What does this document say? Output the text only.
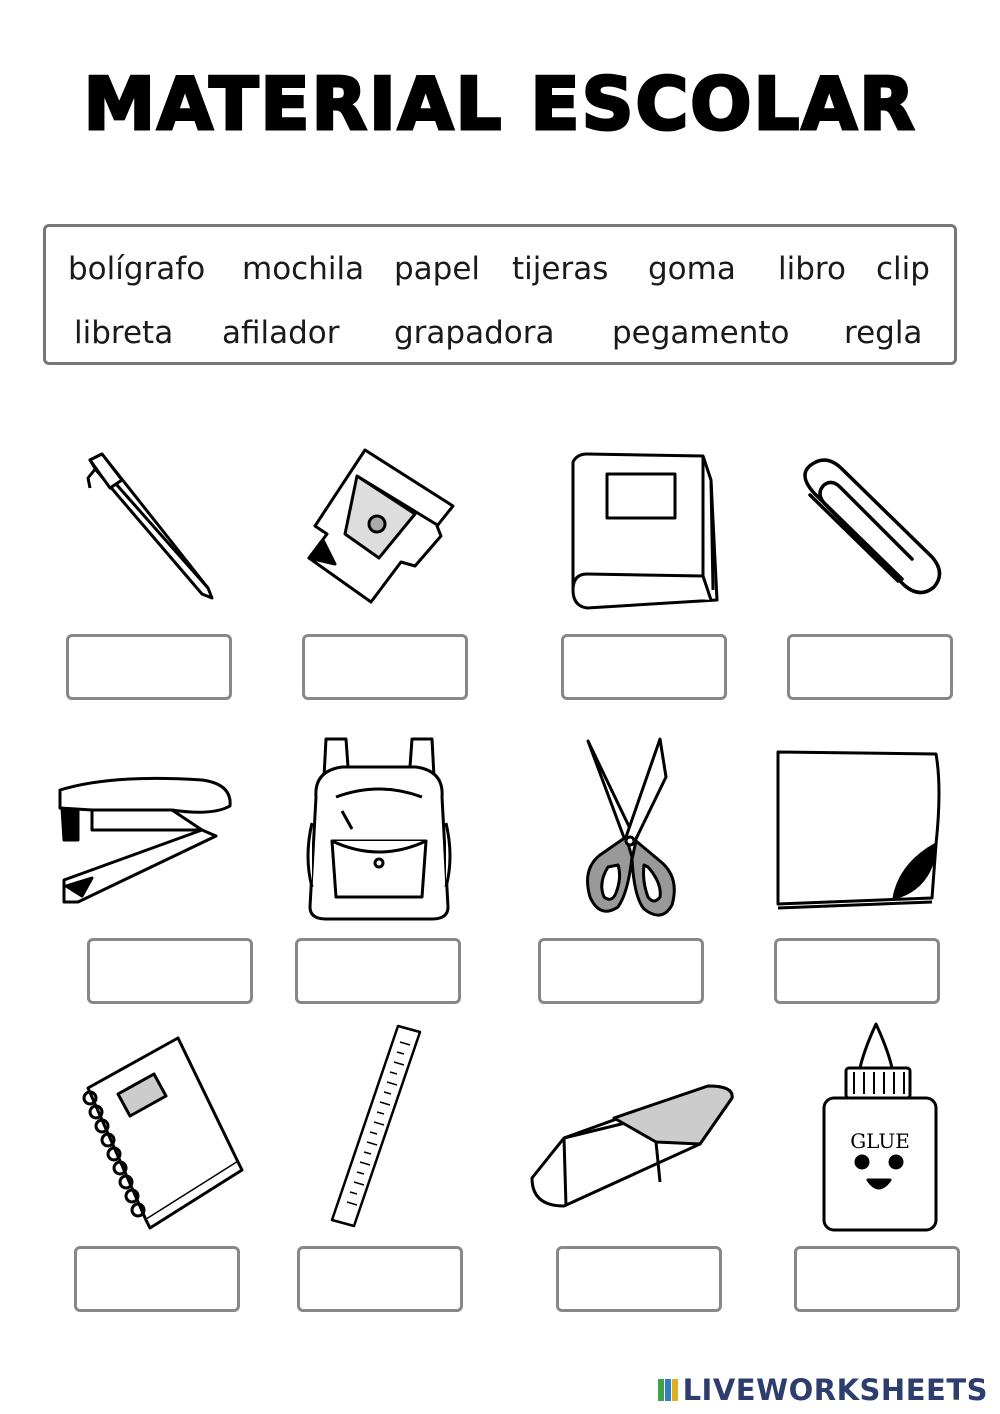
MATERIAL ESCOLAR
bolígrafo mochila papel tijeras goma libro clip
libreta afilador grapadora pegamento regla
GLUE
LIVEWORKSHEETS
